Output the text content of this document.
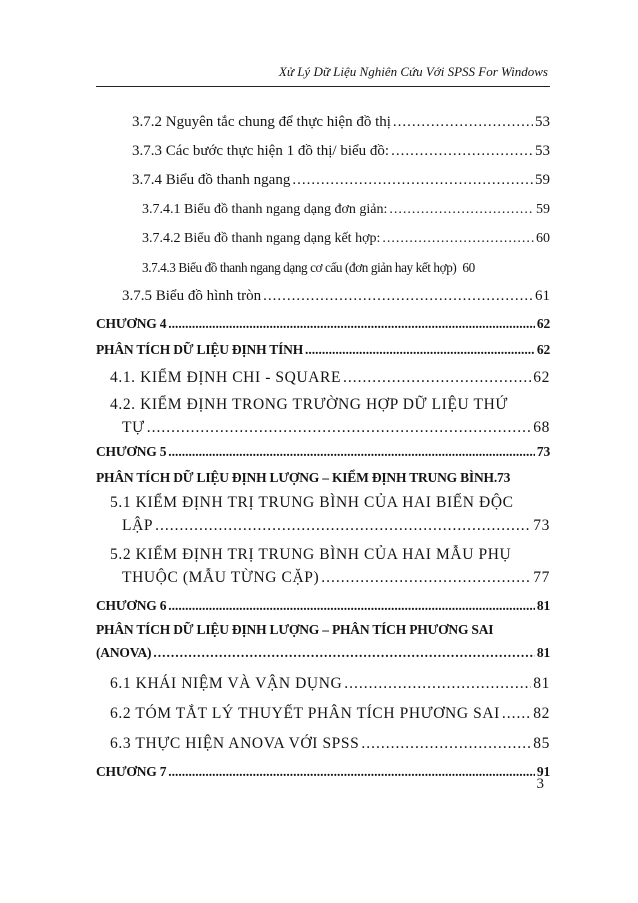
Xử Lý Dữ Liệu Nghiên Cứu Với SPSS For Windows
3.7.2 Nguyên tắc chung để thực hiện đồ thị .....	53
3.7.3 Các bước thực hiện 1 đồ thị/ biểu đồ: .....	53
3.7.4 Biểu đồ thanh ngang .....	59
3.7.4.1 Biểu đồ thanh ngang dạng đơn giản: .....	59
3.7.4.2 Biểu đồ thanh ngang dạng kết hợp: .....	60
3.7.4.3 Biểu đồ thanh ngang dạng cơ cấu (đơn giản hay kết hợp) 60
3.7.5 Biểu đồ hình tròn .....	61
CHƯƠNG 4 .....	62
PHÂN TÍCH DỮ LIỆU ĐỊNH TÍNH .....	62
4.1. KIỂM ĐỊNH CHI - SQUARE .....	62
4.2. KIỂM ĐỊNH TRONG TRƯỜNG HỢP DỮ LIỆU THỨ
TỰ .....	68
CHƯƠNG 5 .....	73
PHÂN TÍCH DỮ LIỆU ĐỊNH LƯỢNG – KIỂM ĐỊNH TRUNG BÌNH.73
5.1 KIỂM ĐỊNH TRỊ TRUNG BÌNH CỦA HAI BIẾN ĐỘC
LẬP .....	73
5.2 KIỂM ĐỊNH TRỊ TRUNG BÌNH CỦA HAI MẪU PHỤ
THUỘC (MẪU TỪNG CẶP) .....	77
CHƯƠNG 6 .....	81
PHÂN TÍCH DỮ LIỆU ĐỊNH LƯỢNG – PHÂN TÍCH PHƯƠNG SAI
(ANOVA) .....	81
6.1 KHÁI NIỆM VÀ VẬN DỤNG .....	81
6.2 TÓM TẮT LÝ THUYẾT PHÂN TÍCH PHƯƠNG SAI ..... 82
6.3 THỰC HIỆN ANOVA VỚI SPSS .....	85
CHƯƠNG 7 .....	91
3
